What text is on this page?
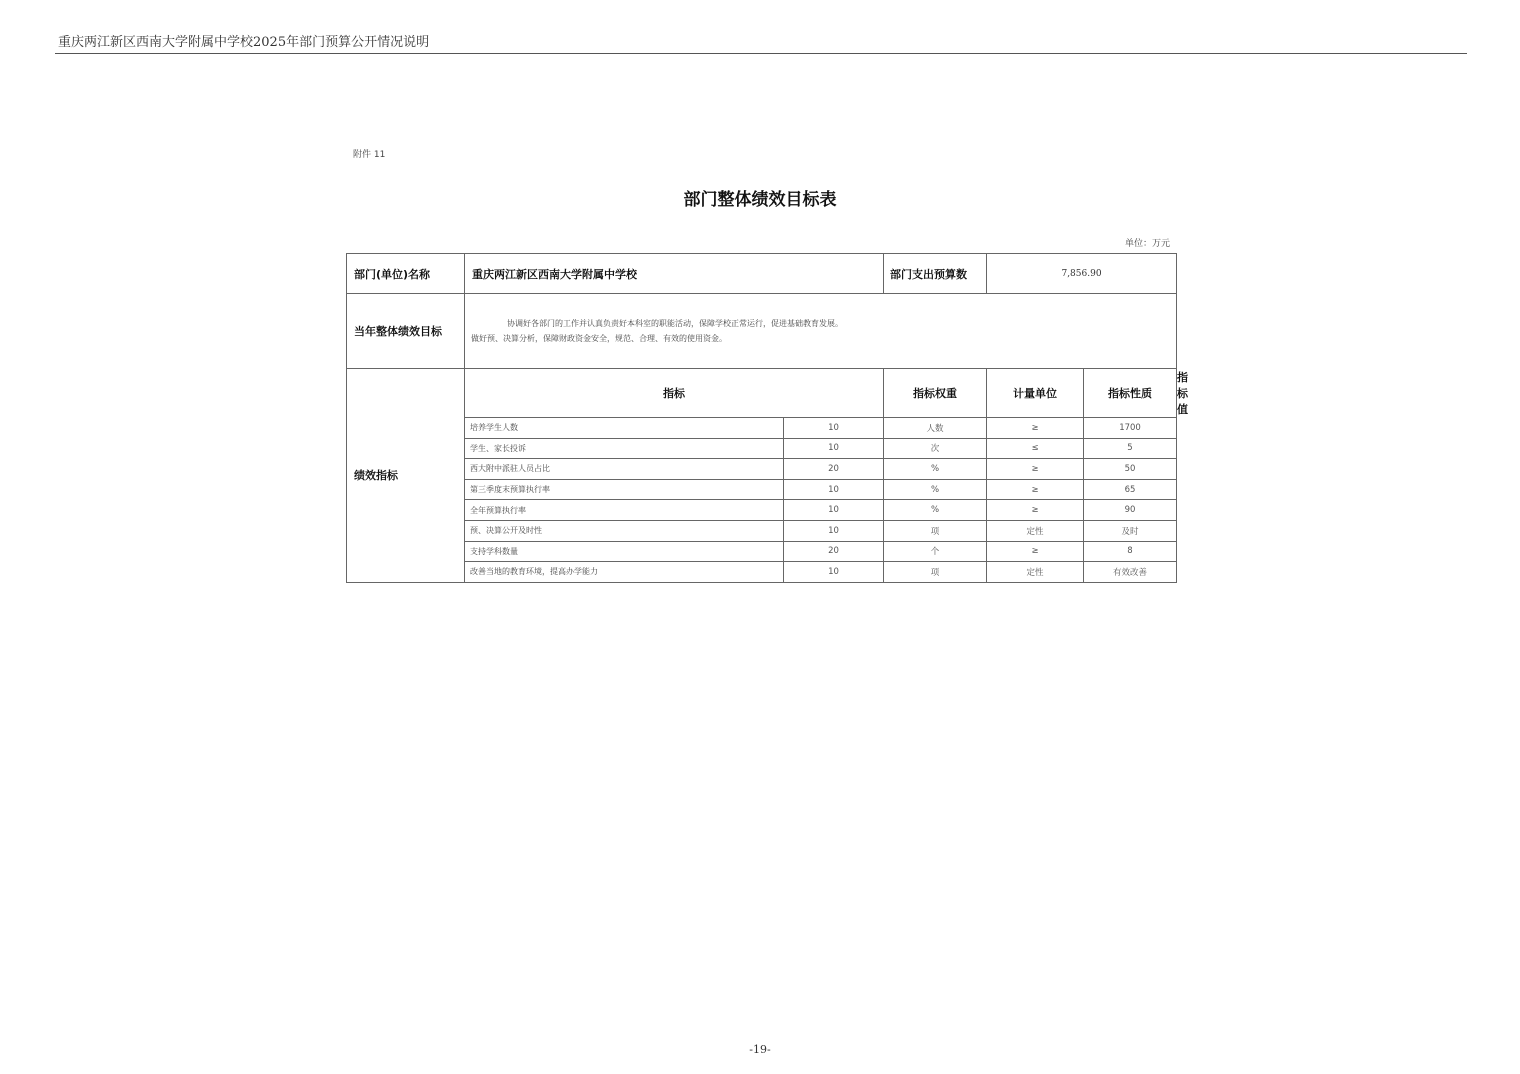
重庆两江新区西南大学附属中学校2025年部门预算公开情况说明
附件 11
部门整体绩效目标表
单位：万元
部门(单位)名称	重庆两江新区西南大学附属中学校		部门支出预算数	7,856.90		
当年整体绩效目标	协调好各部门的工作并认真负责好本科室的职能活动，保障学校正常运行，促进基础教育发展。
做好预、决算分析，保障财政资金安全，规范、合理、有效的使用资金。					

绩效指标	指标		指标权重	计量单位	指标性质	指标值
	培养学生人数	10	人数	≥	1700	
	学生、家长投诉	10	次	≤	5	
	西大附中派驻人员占比	20	%	≥	50	
	第三季度末预算执行率	10	%	≥	65	
	全年预算执行率	10	%	≥	90	
	预、决算公开及时性	10	项	定性	及时	
	支持学科数量	20	个	≥	8	
	改善当地的教育环境，提高办学能力	10	项	定性	有效改善	
-19-
